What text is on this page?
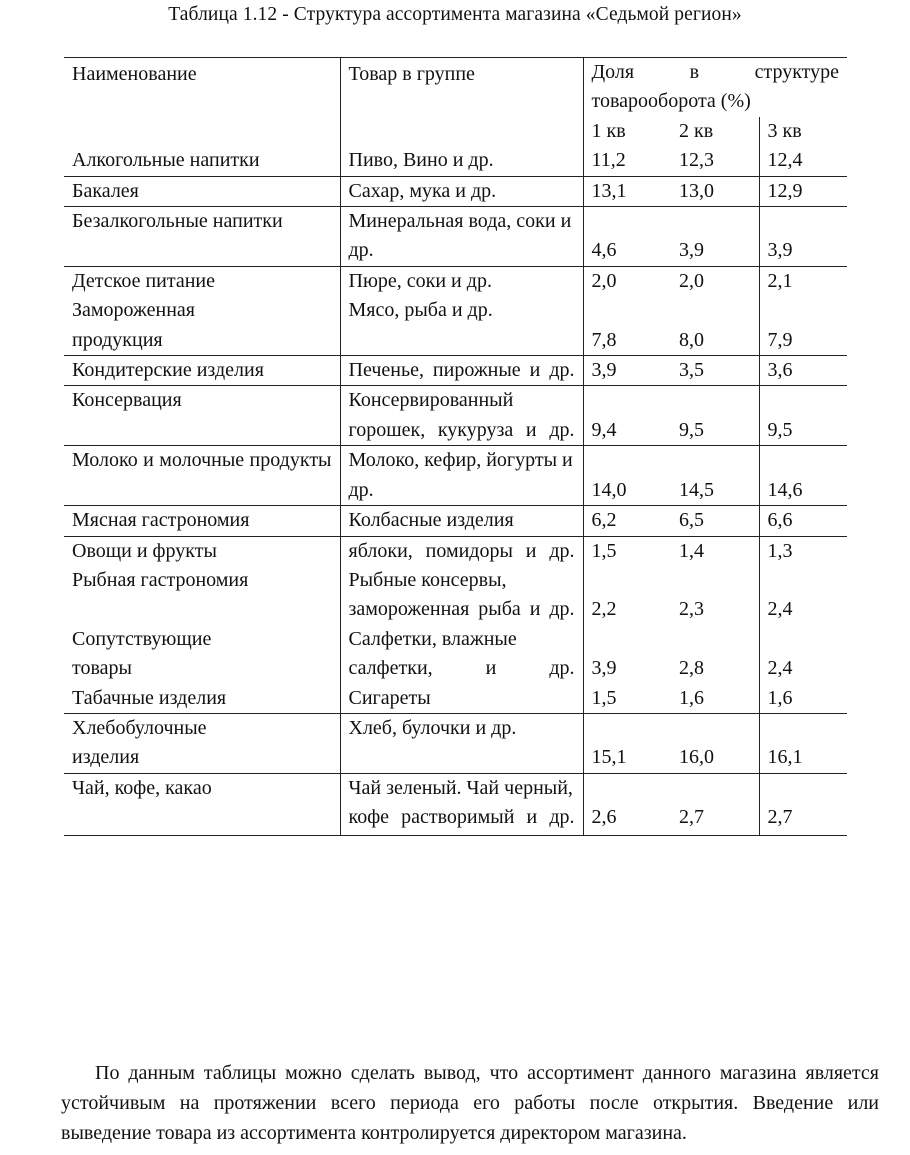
Таблица 1.12 - Структура ассортимента магазина «Седьмой регион»
Наименование	Товар в группе	Доля в структуре
товарооборота (%)		

		1 кв	2 кв	3 кв
Алкогольные напитки	Пиво, Вино и др.	11,2	12,3	12,4
Бакалея	Сахар, мука и др.	13,1	13,0	12,9
Безалкогольные напитки	Минеральная вода, соки и др.	4,6	3,9	3,9
Детское питание	Пюре, соки и др.	2,0	2,0	2,1
Замороженная продукция	Мясо, рыба и др.	7,8	8,0	7,9
Кондитерские изделия	Печенье, пирожные и др.	3,9	3,5	3,6
Консервация	Консервированный горошек, кукуруза и др.	9,4	9,5	9,5
Молоко и молочные продукты	Молоко, кефир, йогурты и др.	14,0	14,5	14,6
Мясная гастрономия	Колбасные изделия	6,2	6,5	6,6
Овощи и фрукты	яблоки, помидоры и др.	1,5	1,4	1,3
Рыбная гастрономия	Рыбные консервы, замороженная рыба и др.	2,2	2,3	2,4
Сопутствующие товары	Салфетки, влажные салфетки, и др.	3,9	2,8	2,4
Табачные изделия	Сигареты	1,5	1,6	1,6
Хлебобулочные изделия	Хлеб, булочки и др.	15,1	16,0	16,1
Чай, кофе, какао	Чай зеленый. Чай черный, кофе растворимый и др.	2,6	2,7	2,7

По данным таблицы можно сделать вывод, что ассортимент данного магазина является устойчивым на протяжении всего периода его работы после открытия. Введение или выведение товара из ассортимента контролируется директором магазина.
